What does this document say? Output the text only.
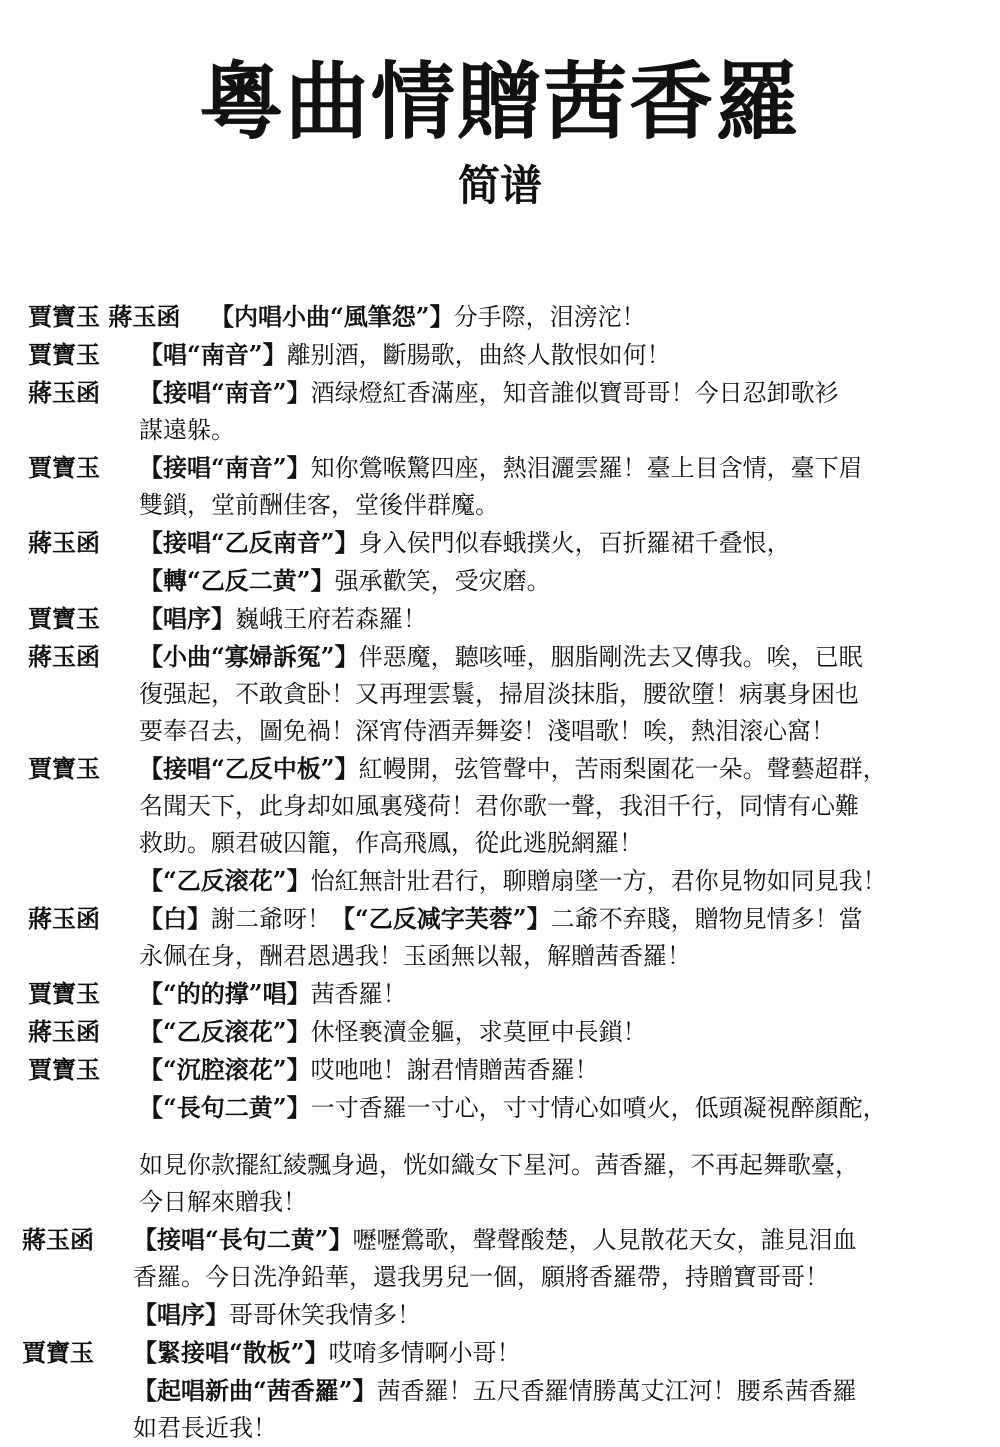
粵曲情贈茜香羅
简谱
賈寶玉 蔣玉函	【内唱小曲“風筆怨”】分手際，泪滂沱！
賈寶玉	【唱“南音”】離别酒，斷腸歌，曲終人散恨如何！
蔣玉函	【接唱“南音”】酒绿燈紅香滿座，知音誰似寶哥哥！今日忍卸歌衫
謀遠躲。
賈寶玉	【接唱“南音”】知你鶯喉驚四座，熱泪灑雲羅！臺上目含情，臺下眉
雙鎖，堂前酬佳客，堂後伴群魔。
蔣玉函	【接唱“乙反南音”】身入侯門似春蛾撲火，百折羅裙千叠恨，
【轉“乙反二黄”】强承歡笑，受灾磨。
賈寶玉	【唱序】巍峨王府若森羅！
蔣玉函	【小曲“寡婦訴冤”】伴惡魔，聽咳唾，胭脂剛洗去又傳我。唉，已眠
復强起，不敢貪卧！又再理雲鬟，掃眉淡抹脂，腰欲墮！病裏身困也
要奉召去，圖免禍！深宵侍酒弄舞姿！淺唱歌！唉，熱泪滚心窩！
賈寶玉	【接唱“乙反中板”】紅幔開，弦管聲中，苦雨梨園花一朵。聲藝超群，
名聞天下，此身却如風裏殘荷！君你歌一聲，我泪千行，同情有心難
救助。願君破囚籠，作高飛鳳，從此逃脱網羅！
【“乙反滚花”】怡紅無計壯君行，聊贈扇墜一方，君你見物如同見我！
蔣玉函	【白】謝二爺呀！【“乙反减字芙蓉”】二爺不弃賤，贈物見情多！當
永佩在身，酬君恩遇我！玉函無以報，解贈茜香羅！
賈寶玉	【“的的撑”唱】茜香羅！
蔣玉函	【“乙反滚花”】休怪褻瀆金軀，求莫匣中長鎖！
賈寶玉	【“沉腔滚花”】哎吔吔！謝君情贈茜香羅！
【“長句二黄”】一寸香羅一寸心，寸寸情心如噴火，低頭凝視醉顔酡，
如見你款擺紅綾飄身過，恍如織女下星河。茜香羅，不再起舞歌臺，
今日解來贈我！
蔣玉函	【接唱“長句二黄”】嚦嚦鶯歌，聲聲酸楚，人見散花天女，誰見泪血
香羅。今日洗净鉛華，還我男兒一個，願將香羅帶，持贈寶哥哥！
【唱序】哥哥休笑我情多！
賈寶玉	【緊接唱“散板”】哎唷多情啊小哥！
【起唱新曲“茜香羅”】茜香羅！五尺香羅情勝萬丈江河！腰系茜香羅
如君長近我！
